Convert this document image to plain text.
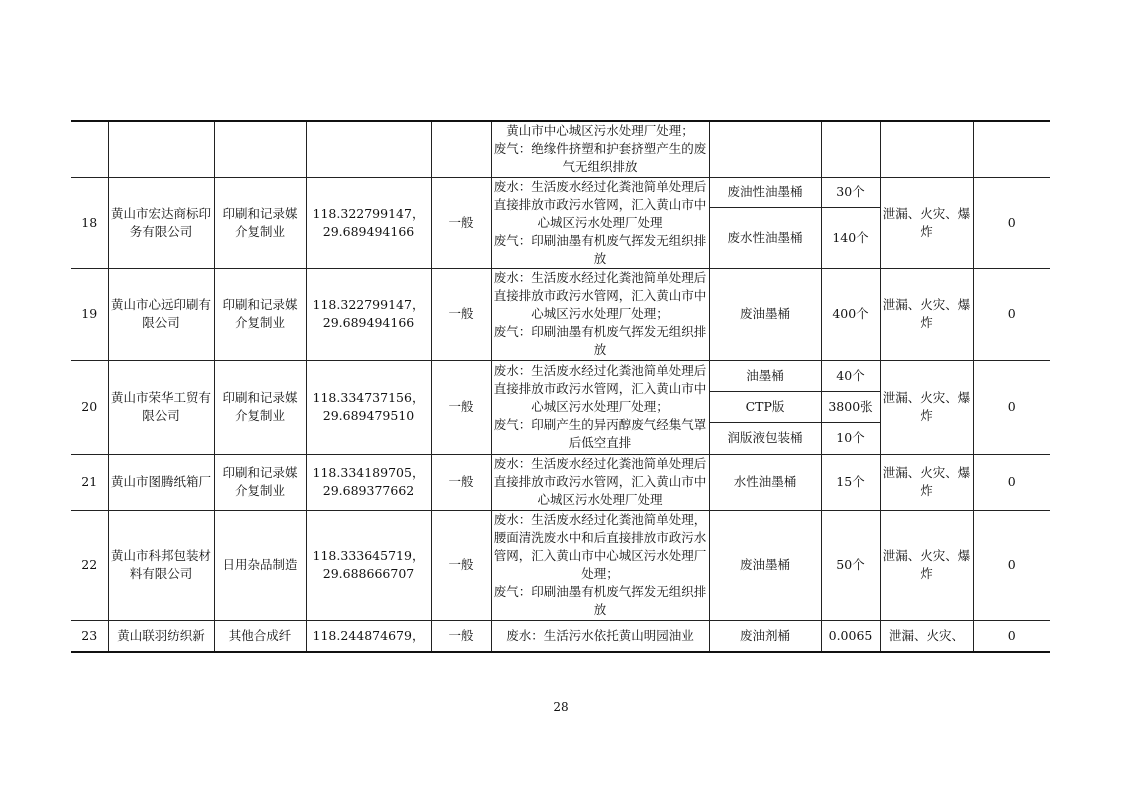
					黄山市中心城区污水处理厂处理；
废气：绝缘件挤塑和护套挤塑产生的废气无组织排放				

18	黄山市宏达商标印务有限公司	印刷和记录媒介复制业	118.322799147，29.689494166	一般	废水：生活废水经过化粪池简单处理后直接排放市政污水管网，汇入黄山市中心城区污水处理厂处理
废气：印刷油墨有机废气挥发无组织排放	废油性油墨桶	30个	泄漏、火灾、爆炸	0
						废水性油墨桶	140个		
19	黄山市心远印刷有限公司	印刷和记录媒介复制业	118.322799147，29.689494166	一般	废水：生活废水经过化粪池简单处理后直接排放市政污水管网，汇入黄山市中心城区污水处理厂处理；
废气：印刷油墨有机废气挥发无组织排放	废油墨桶	400个	泄漏、火灾、爆炸	0
20	黄山市荣华工贸有限公司	印刷和记录媒介复制业	118.334737156，29.689479510	一般	废水：生活废水经过化粪池简单处理后直接排放市政污水管网，汇入黄山市中心城区污水处理厂处理；
废气：印刷产生的异丙醇废气经集气罩后低空直排	油墨桶	40个	泄漏、火灾、爆炸	0
						CTP版	3800张		
						润版液包装桶	10个		
21	黄山市图腾纸箱厂	印刷和记录媒介复制业	118.334189705，29.689377662	一般	废水：生活废水经过化粪池简单处理后直接排放市政污水管网，汇入黄山市中心城区污水处理厂处理	水性油墨桶	15个	泄漏、火灾、爆炸	0
22	黄山市科邦包装材料有限公司	日用杂品制造	118.333645719，29.688666707	一般	废水：生活废水经过化粪池简单处理，腰面清洗废水中和后直接排放市政污水管网，汇入黄山市中心城区污水处理厂处理；
废气：印刷油墨有机废气挥发无组织排放	废油墨桶	50个	泄漏、火灾、爆炸	0
23	黄山联羽纺织新	其他合成纤	118.244874679，	一般	废水：生活污水依托黄山明园油业	废油剂桶	0.0065	泄漏、火灾、	0
28
